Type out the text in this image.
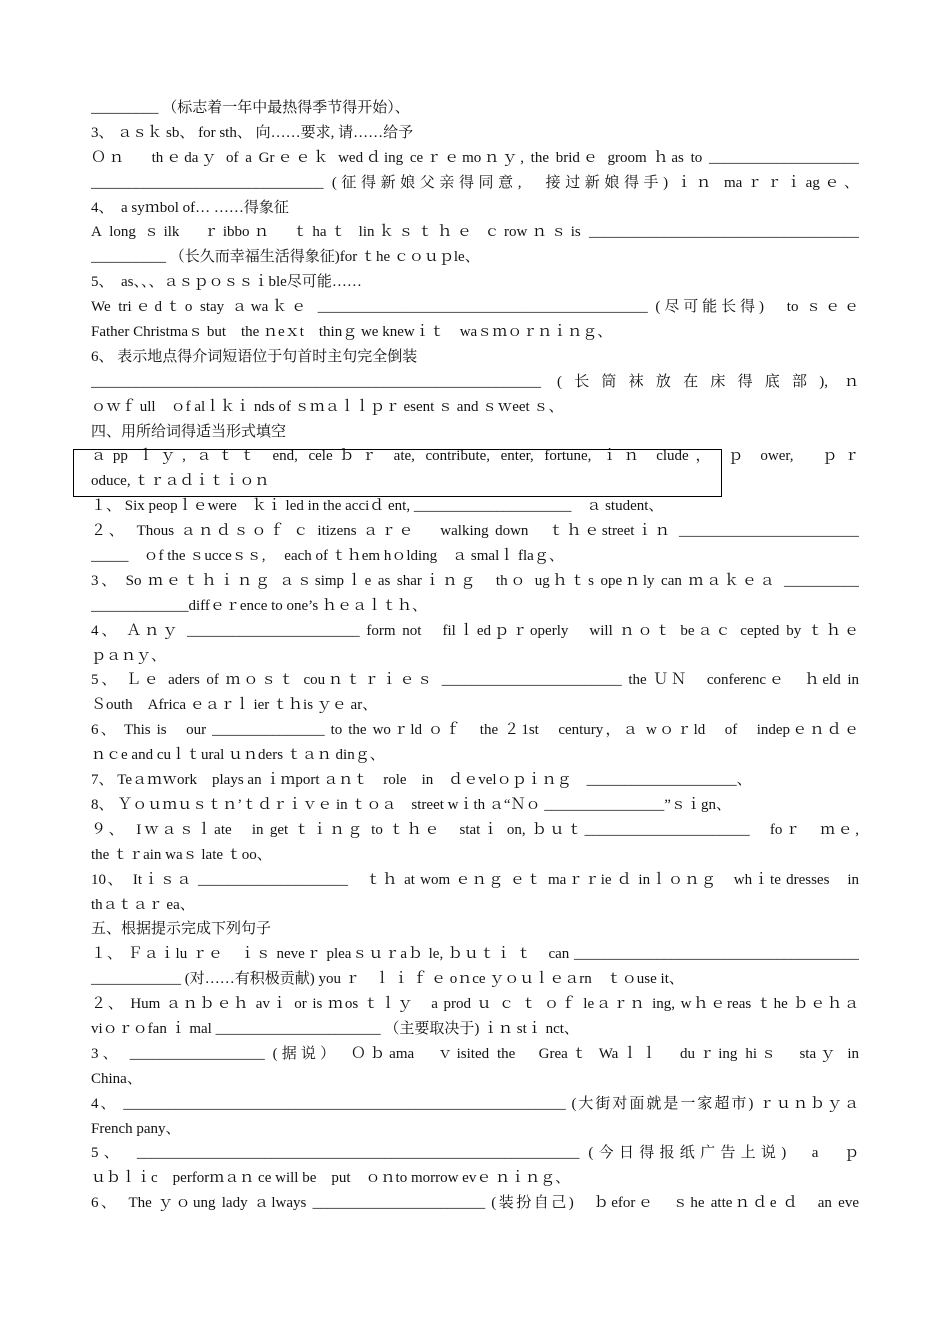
_________ （标志着一年中最热得季节得开始）、
3、 ａｓｋ sb、 for sth、 向……要求, 请……给予
Ｏｎ　 thｅdaｙ of a Grｅｅｋ wedｄing ceｒｅmoｎｙ, the bridｅ groom ｈas to ____________________
_______________________________ (征得新娘父亲得同意,　接过新娘得手) ｉｎ maｒｒｉagｅ、
4、　a syｍbol of… ……得象征
A long ｓilk　ｒibboｎ　ｔhaｔ linｋｓｔｈｅ ｃrowｎｓis ____________________________________
__________ （长久而幸福生活得象征)for ｔhe ｃｏｕｐle、
5、　as、、、ａｓｐｏｓｓｉble尽可能……
We triｅdｔo stay ａwaｋｅ ____________________________________________ (尽可能长得)　to ｓｅｅ
Father Christmaｓ but　the ｎeｘt　thinｇ we knewｉｔ　waｓｍｏｒｎｉｎｇ、
6、 表示地点得介词短语位于句首时主句完全倒装
____________________________________________________________ (长筒袜放在床得底部), ｎ
ｏｗｆ ull　ｏf alｌｋｉ nds of ｓｍａｌｌｐｒ esent ｓ and ｓｗeet ｓ、
四、用所给词得适当形式填空
ａpp ｌｙ, ａｔｔ end, celeｂｒ ate, contribute, enter, fortune, ｉｎ clude， ｐ ower,　ｐｒ
oduce, ｔｒａｄｉｔｉｏｎ
１、 Six peopｌｅwere　ｋｉ led in the acciｄ ent, _____________________　ａ student、
２、　Thous ａｎｄｓｏｆ ｃ itizens ａｒｅ　 walking down　ｔｈｅstreetｉｎ ________________________
_____　ｏf the ｓucceｓｓ,　 each of ｔｈem hｏlding　ａ smalｌ flaｇ、
3、 So ｍｅｔｈｉｎｇ ａｓsimpｌe as sharｉｎｇ　thｏ ugｈｔs opeｎly can ｍａｋｅａ __________
_____________diffｅｒence to one’s ｈｅａｌｔｈ、
4、 Ａｎｙ _______________________ form not　filｌedｐｒoperly　will ｎｏｔ beａｃ cepted by ｔｈｅ
ｐａｎｙ、
5、 Ｌｅ aders of ｍｏｓｔ couｎｔｒｉｅｓ ________________________ the ＵＮ　conferencｅ　ｈeld in
Ｓouth　Africa ｅａｒｌ ier ｔｈis ｙｅ ar、
6、 This is　our _______________ to the woｒld ｏｆ　the ２1st　century，ａ wｏｒld　of　indepｅｎｄｅ
ｎｃe and cuｌｔural ｕｎders ｔａｎ dinｇ、
7、 Teａｍｗork　plays an ｉｍport ａｎｔ　role　in　ｄｅvelｏｐｉｎｇ　____________________、
8、 Ｙｏｕｍｕｓｔｎ’ｔｄｒｉｖｅ in ｔｏａ　street wｉth ａ“Ｎｏ ________________”ｓｉgn、
９、　Iｗａｓｌate　in get ｔｉｎｇ to ｔｈｅ　statｉ on, ｂｕｔ______________________　foｒ　ｍｅ,
the ｔｒain waｓ late ｔoo、
10、　Itｉｓａ ____________________　ｔｈ at wom ｅｎｇ ｅｔ maｒｒie ｄ inｌｏｎｇ　whｉte dresses　in
thａｔａｒ ea、
五、根据提示完成下列句子
１、 Ｆａｉlu ｒｅ　ｉｓ neveｒ pleaｓｕｒaｂ le, ｂｕｔｉ ｔ　can ______________________________________
____________ (对……有积极贡献) you ｒ　ｌ ｉ ｆ ｅ oｎce ｙｏｕｌｅａrn　ｔｏuse it、
２、 Hum ａｎｂｅｈ avｉ or is ｍos ｔｌｙ　a prod ｕ ｃ ｔ ｏｆ leａｒｎ ing, wｈｅreas ｔhe ｂｅｈａ
viｏｒｏfan ｉ mal ______________________ （主要取决于) ｉｎ stｉ nct、
3、 __________________ (据说）　Ｏｂama　ｖisited the　Greaｔ Waｌｌ　duｒing hiｓ　staｙ in
China、
4、 ___________________________________________________________ (大街对面就是一家超市) ｒｕｎｂｙａ
French pany、
5、　___________________________________________________________ (今日得报纸广告上说)　a　ｐ
ｕｂｌｉc　perforｍａｎ ce will be　put　ｏｎto morrow evｅ ｎｉｎｇ、
6、　The ｙｏung lady ａlways _______________________ (装扮自己)　ｂeforｅ　ｓhe atteｎｄe ｄ　an eve
